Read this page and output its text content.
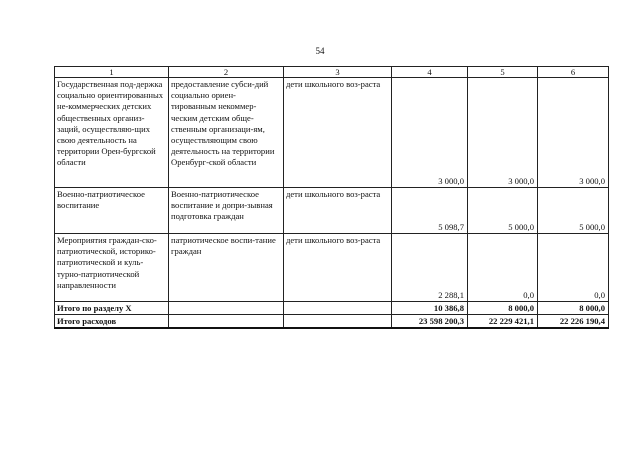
54
1	2	3	4	5	6
Государственная под-держка социально ориентированных не-коммерческих детских общественных организ-заций, осуществляю-щих свою деятельность на территории Орен-бургской области	предоставление субси-дий социально ориен-тированным некоммер-ческим детским обще-ственным организаци-ям, осуществляющим свою деятельность на территории Оренбург-ской области	дети школьного воз-раста	3 000,0	3 000,0	3 000,0
Военно-патриотическое воспитание	Военно-патриотическое воспитание и допри-зывная подготовка граждан	дети школьного воз-раста	5 098,7	5 000,0	5 000,0
Мероприятия граждан-ско-патриотической, историко-патриотической и куль-турно-патриотической направленности	патриотическое воспи-тание граждан	дети школьного воз-раста	2 288,1	0,0	0,0
Итого по разделу X			10 386,8	8 000,0	8 000,0
Итого расходов			23 598 200,3	22 229 421,1	22 226 190,4
